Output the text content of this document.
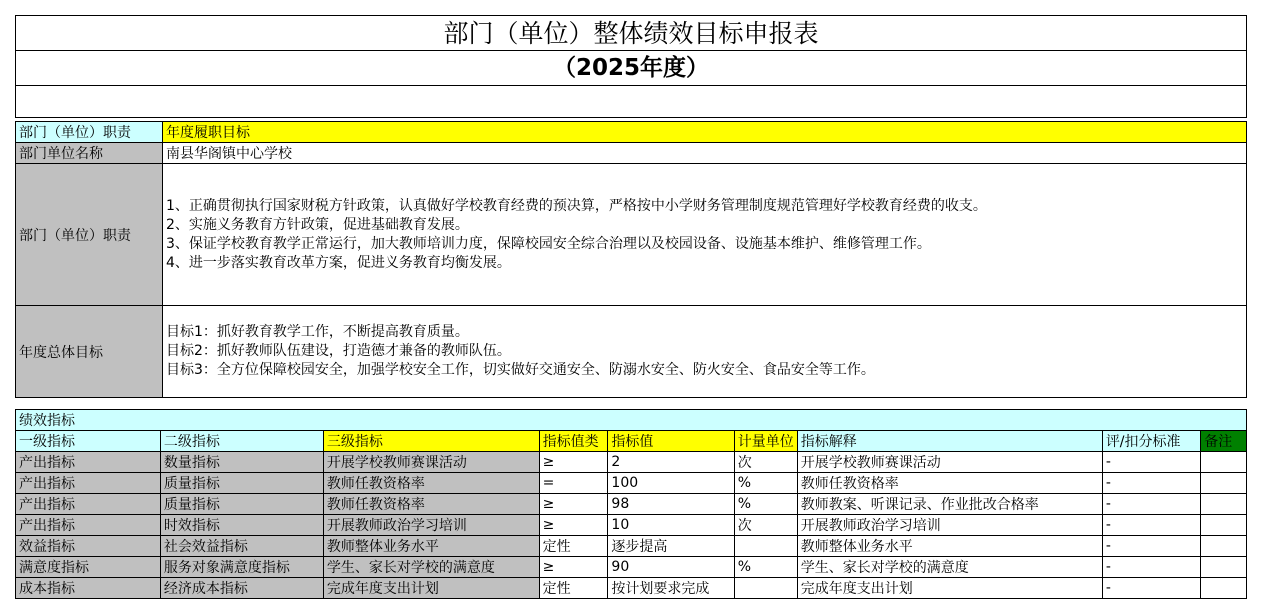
部门（单位）整体绩效目标申报表
（2025年度）
部门（单位）职责	年度履职目标
部门单位名称	南县华阁镇中心学校
部门（单位）职责	1、正确贯彻执行国家财税方针政策，认真做好学校教育经费的预决算，严格按中小学财务管理制度规范管理好学校教育经费的收支。
2、实施义务教育方针政策，促进基础教育发展。
3、保证学校教育教学正常运行，加大教师培训力度，保障校园安全综合治理以及校园设备、设施基本维护、维修管理工作。
4、进一步落实教育改革方案，促进义务教育均衡发展。

年度总体目标	目标1：抓好教育教学工作，不断提高教育质量。
目标2：抓好教师队伍建设，打造德才兼备的教师队伍。
目标3：全方位保障校园安全，加强学校安全工作，切实做好交通安全、防溺水安全、防火安全、食品安全等工作。
绩效指标								
一级指标	二级指标	三级指标	指标值类	指标值	计量单位	指标解释	评/扣分标准	备注
产出指标	数量指标	开展学校教师赛课活动	≥	2	次	开展学校教师赛课活动	-	
产出指标	质量指标	教师任教资格率	=	100	%	教师任教资格率	-	
产出指标	质量指标	教师任教资格率	≥	98	%	教师教案、听课记录、作业批改合格率	-	
产出指标	时效指标	开展教师政治学习培训	≥	10	次	开展教师政治学习培训	-	
效益指标	社会效益指标	教师整体业务水平	定性	逐步提高		教师整体业务水平	-	
满意度指标	服务对象满意度指标	学生、家长对学校的满意度	≥	90	%	学生、家长对学校的满意度	-	
成本指标	经济成本指标	完成年度支出计划	定性	按计划要求完成		完成年度支出计划	-	
